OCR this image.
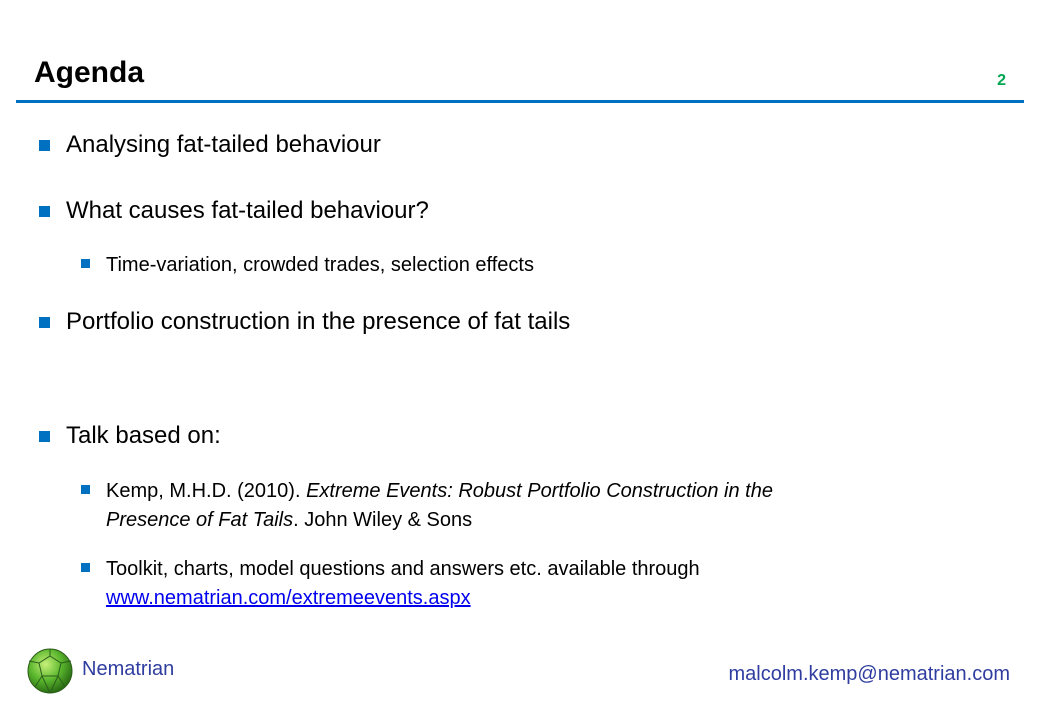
Agenda	2
Analysing fat-tailed behaviour
What causes fat-tailed behaviour?
Time-variation, crowded trades, selection effects
Portfolio construction in the presence of fat tails
Talk based on:
Kemp, M.H.D. (2010). Extreme Events: Robust Portfolio Construction in the
Presence of Fat Tails. John Wiley & Sons
Toolkit, charts, model questions and answers etc. available through
www.nematrian.com/extremeevents.aspx
Nematrian	malcolm.kemp@nematrian.com
